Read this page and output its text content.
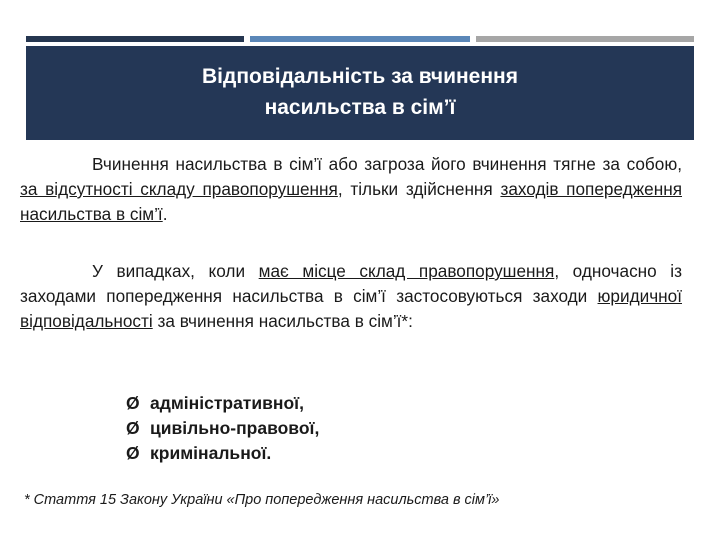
Відповідальність за вчинення
насильства в сім’ї

Вчинення насильства в сім’ї або загроза його вчинення тягне за собою, за відсутності складу правопорушення, тільки здійснення заходів попередження насильства в сім’ї.

У випадках, коли має місце склад правопорушення, одночасно із заходами попередження насильства в сім’ї застосовуються заходи юридичної відповідальності за вчинення насильства в сім’ї*:

Ø адміністративної,
Ø цивільно-правової,
Ø кримінальної.
* Стаття 15 Закону України «Про попередження насильства в сім’ї»
